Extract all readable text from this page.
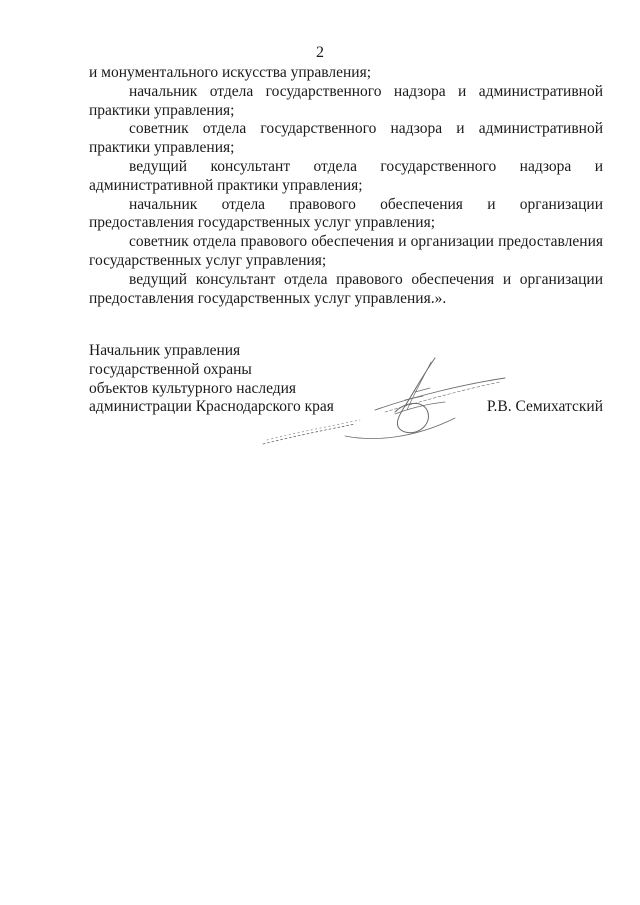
2

и монументального искусства управления;

начальник отдела государственного надзора и административной практики управления;

советник отдела государственного надзора и административной практики управления;

ведущий консультант отдела государственного надзора и административной практики управления;

начальник отдела правового обеспечения и организации предоставления государственных услуг управления;

советник отдела правового обеспечения и организации предоставления государственных услуг управления;

ведущий консультант отдела правового обеспечения и организации предоставления государственных услуг управления.».

Начальник управления
государственной охраны
объектов культурного наследия
администрации Краснодарского края	Р.В. Семихатский
